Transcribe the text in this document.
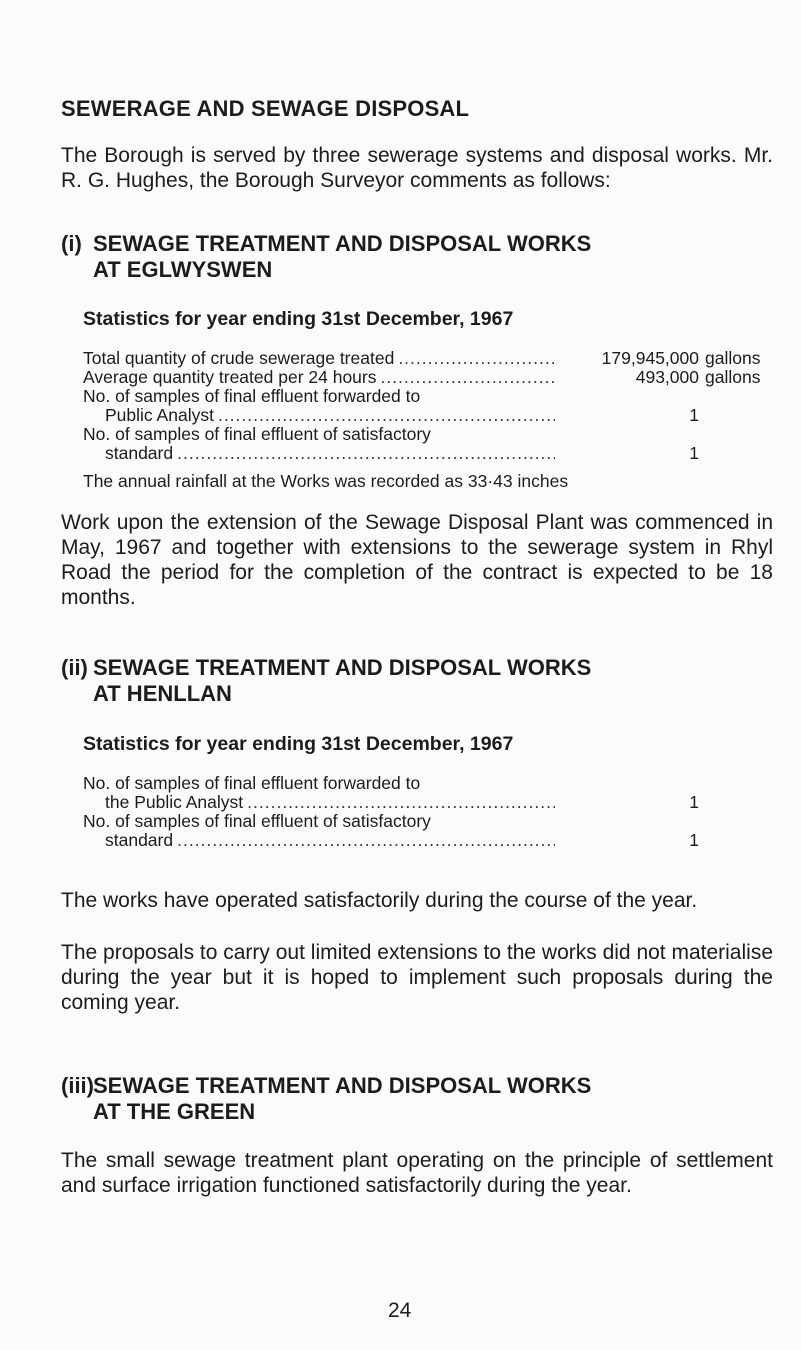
SEWERAGE AND SEWAGE DISPOSAL
The Borough is served by three sewerage systems and disposal works. Mr. R. G. Hughes, the Borough Surveyor comments as follows:
(i) SEWAGE TREATMENT AND DISPOSAL WORKS
AT EGLWYSWEN
Statistics for year ending 31st December, 1967
Total quantity of crude sewerage treated .....	179,945,000 gallons
Average quantity treated per 24 hours .....	493,000 gallons
No. of samples of final effluent forwarded to
Public Analyst .....	1
No. of samples of final effluent of satisfactory
standard .....	1
The annual rainfall at the Works was recorded as 33·43 inches
Work upon the extension of the Sewage Disposal Plant was commenced in May, 1967 and together with extensions to the sewerage system in Rhyl Road the period for the completion of the contract is expected to be 18 months.
(ii) SEWAGE TREATMENT AND DISPOSAL WORKS
AT HENLLAN
Statistics for year ending 31st December, 1967
No. of samples of final effluent forwarded to
the Public Analyst .....	1
No. of samples of final effluent of satisfactory
standard .....	1
The works have operated satisfactorily during the course of the year.
The proposals to carry out limited extensions to the works did not materialise during the year but it is hoped to implement such proposals during the coming year.
(iii) SEWAGE TREATMENT AND DISPOSAL WORKS
AT THE GREEN
The small sewage treatment plant operating on the principle of settlement and surface irrigation functioned satisfactorily during the year.
24
